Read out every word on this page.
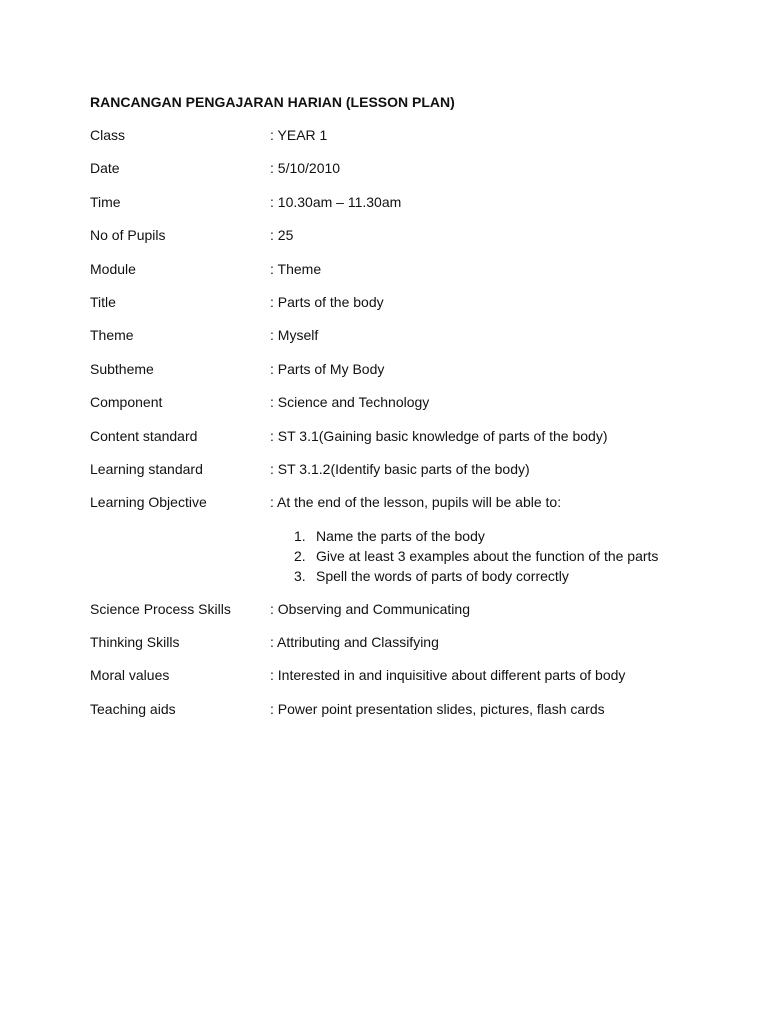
RANCANGAN PENGAJARAN HARIAN (LESSON PLAN)
Class	: YEAR 1
Date	: 5/10/2010
Time	: 10.30am – 11.30am
No of Pupils	: 25
Module	: Theme
Title	: Parts of the body
Theme	: Myself
Subtheme	: Parts of My Body
Component	: Science and Technology
Content standard	: ST 3.1(Gaining basic knowledge of parts of the body)
Learning standard	: ST 3.1.2(Identify basic parts of the body)
Learning Objective	: At the end of the lesson, pupils will be able to:
1. Name the parts of the body
2. Give at least 3 examples about the function of the parts
3. Spell the words of parts of body correctly
Science Process Skills	: Observing and Communicating
Thinking Skills	: Attributing and Classifying
Moral values	: Interested in and inquisitive about different parts of body
Teaching aids	: Power point presentation slides, pictures, flash cards
